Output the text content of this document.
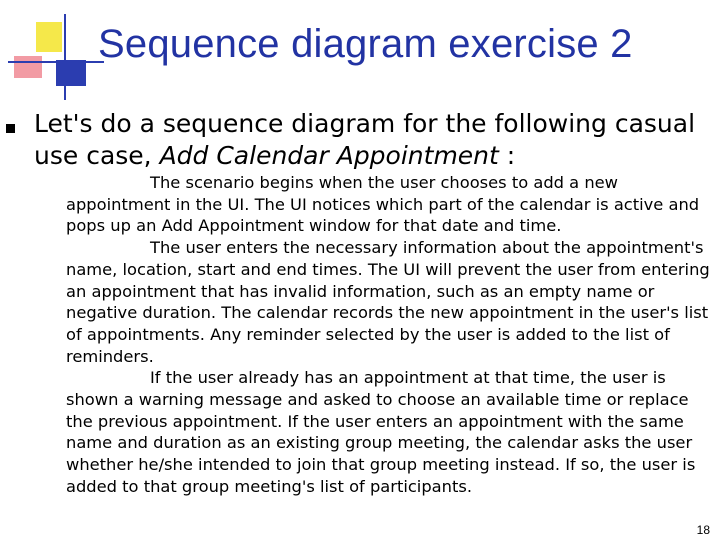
Sequence diagram exercise 2
Let's do a sequence diagram for the following casual use case, Add Calendar Appointment :

The scenario begins when the user chooses to add a new appointment in the UI. The UI notices which part of the calendar is active and pops up an Add Appointment window for that date and time.

The user enters the necessary information about the appointment's name, location, start and end times. The UI will prevent the user from entering an appointment that has invalid information, such as an empty name or negative duration. The calendar records the new appointment in the user's list of appointments. Any reminder selected by the user is added to the list of reminders.

If the user already has an appointment at that time, the user is shown a warning message and asked to choose an available time or replace the previous appointment. If the user enters an appointment with the same name and duration as an existing group meeting, the calendar asks the user whether he/she intended to join that group meeting instead. If so, the user is added to that group meeting's list of participants.

18
